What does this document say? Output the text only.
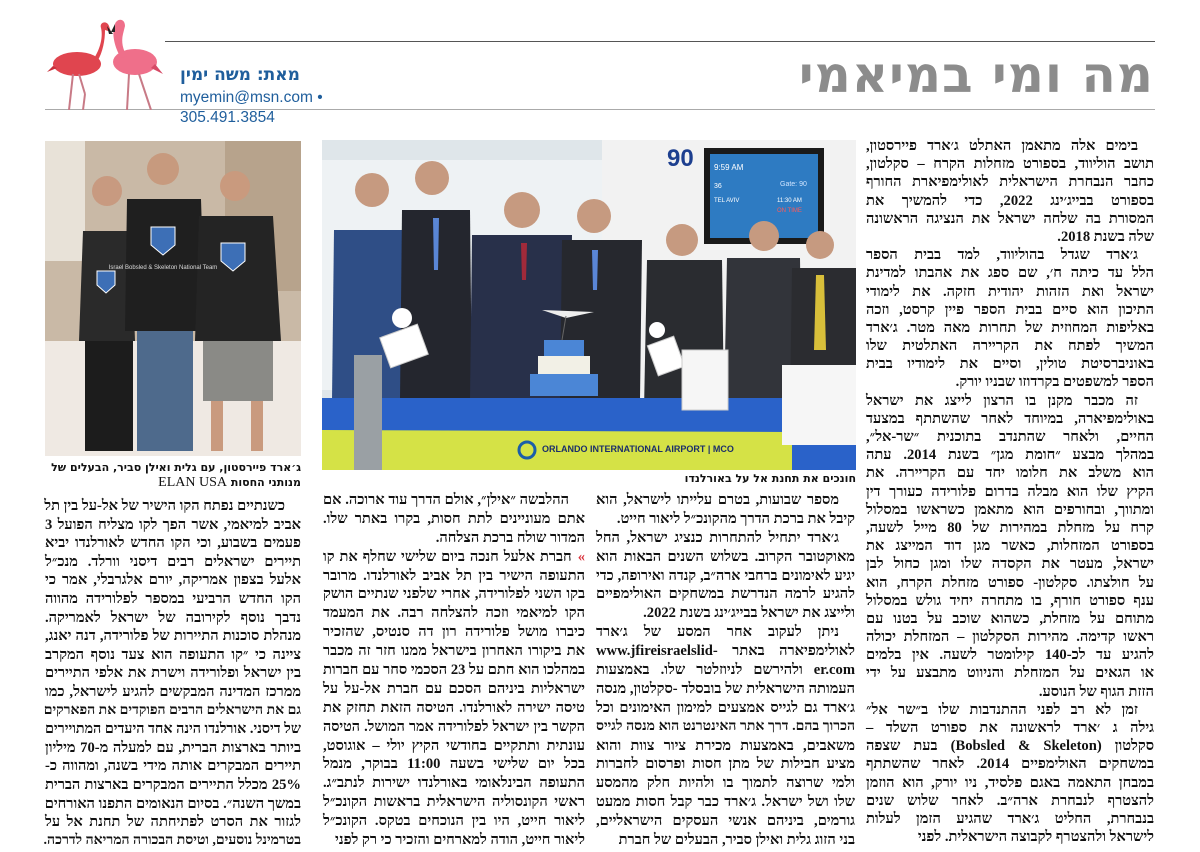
מה ומי במיאמי
מאת: משה ימין
myemin@msn.com • 305.491.3854
Israel Bobsled & Skeleton National Team
ג׳ארד פיירסטון, עם גלית ואילן סביר, הבעלים של
מנותני החסות ELAN USA
90	9:59 AM
Gate: 90
36
TEL AVIV	11:30 AM
ON TIME
ORLANDO INTERNATIONAL AIRPORT | MCO
חונכים את תחנת אל על באורלנדו
בימים אלה מתאמן האתלט ג׳ארד פיירסטון,
תושב הוליווד, בספורט מזחלות הקרח – סקלטון,
כחבר הנבחרת הישראלית לאולימפיארת החורף
בספורט בבייג׳ינג 2022, כדי להמשיך את
המסורת בה שלחה ישראל את הנציגה הראשונה
שלה בשנת 2018.
ג׳ארד שגדל בהוליווד, למד בבית הספר
הלל עד כיתה ח׳, שם ספג את אהבתו למדינת
ישראל ואת הזהות יהודית חזקה. את לימודי
התיכון הוא סיים בבית הספר פיין קרסט, וזכה
באליפות המחוזית של תחרות מאה מטר. ג׳ארד
המשיך לפתח את הקריירה האתלטית שלו
באוניברסיטת טולין, וסיים את לימודיו בבית
הספר למשפטים בקרדוזו שבניו יורק.
זה מכבר מקנן בו הרצון לייצג את ישראל
באולימפיארה, במיוחד לאחר שהשתתף במצעד
החיים, ולאחר שהתנדב בתוכנית ״שר-אל״,
במהלך מבצע ״חומת מגן״ בשנת 2014. עתה
הוא משלב את חלומו יחד עם הקריירה. את
הקיץ שלו הוא מבלה בדרום פלורידה כעורך דין
ומתווך, ובחורפים הוא מתאמן כשראשו במסלול
קרח על מזחלת במהירות של 80 מייל לשעה,
בספורט המזחלות, כאשר מגן דוד המייצג את
ישראל, מעטר את הקסדה שלו ומגן כחול לבן
על חולצתו. סקלטון- ספורט מזחלת הקרח, הוא
ענף ספורט חורף, בו מתחרה יחיד גולש במסלול
מתוחם על מזחלת, כשהוא שוכב על בטנו עם
ראשו קדימה. מהירות הסקלטון – המזחלת יכולה
להגיע עד לכ-140 קילומטר לשעה. אין בלמים
או הגאים על המזחלת והניווט מתבצע על ידי
הזזת הגוף של הנוסע.
זמן לא רב לפני ההתנדבות שלו ב״שר אל״
גילה ג ׳ארד לראשונה את ספורט השלד –
סקלטון (Bobsled & Skeleton) בעת שצפה
במשחקים האולימפיים 2014. לאחר שהשתתף
במבחן התאמה באגם פלסיד, ניו יורק, הוא הוזמן
להצטרף לנבחרת ארה״ב. לאחר שלוש שנים
בנבחרת, החליט ג׳ארד שהגיע הזמן לעלות
לישראל ולהצטרף לקבוצה הישראלית. לפני
מספר שבועות, בטרם עלייתו לישראל, הוא
קיבל את ברכת הדרך מהקונכ״ל ליאור חייט.
ג׳ארד יתחיל להתחרות כנציג ישראל, החל
מאוקטובר הקרוב. בשלוש השנים הבאות הוא
יגיע לאימונים ברחבי ארה״ב, קנדה ואירופה, כדי
להגיע לרמה הנדרשת במשחקים האולימפיים
ולייצג את ישראל בבייג׳ינג בשנת 2022.
ניתן לעקוב אחר המסע של ג׳ארד
לאולימפיארה באתר -www.jfireisraelslid
er.com ולהירשם לניוזלטר שלו. באמצעות
העמותה הישראלית של בובסלד -סקלטון, מנסה
ג׳ארד גם לגייס אמצעים למימון האימונים וכל
הכרוך בהם. דרך אתר האינטרנט הוא מנסה לגייס
משאבים, באמצעות מכירת ציור צוות והוא
מציע חבילות של מתן חסות ופרסום לחברות
ולמי שרוצה לתמוך בו ולהיות חלק מהמסע
שלו ושל ישראל. ג׳ארד כבר קבל חסות ממעט
גורמים, ביניהם אנשי העסקים הישראליים,
בני הזוג גלית ואילן סביר, הבעלים של חברת
ההלבשה ״אילן״, אולם הדרך עוד ארוכה. אם
אתם מעוניינים לתת חסות, בקרו באתר שלו.
המדור שולח ברכת הצלחה.
»חברת אלעל חנכה ביום שלישי שחלף את קו
התעופה הישיר בין תל אביב לאורלנדו. מרובר
בקו השני לפלורידה, אחרי שלפני שנתיים הושק
הקו למיאמי וזכה להצלחה רבה. את המעמד
כיברו מושל פלורידה רון דה סנטיס, שהזכיר
את ביקורו האחרון בישראל ממנו חזר זה מכבר
במהלכו הוא חתם על 23 הסכמי סחר עם חברות
ישראליות ביניהם הסכם עם חברת אל-על על
טיסה ישירה לאורלנדו. הטיסה הזאת תחזק את
הקשר בין ישראל לפלורידה אמר המושל. הטיסה
עונתית ותתקיים בחודשי הקיץ יולי – אוגוסט,
בכל יום שלישי בשעה 11:00 בבוקר, מנמל
התעופה הבינלאומי באורלנדו ישירות לנתב״ג.
ראשי הקונסוליה הישראלית בראשות הקונכ״ל
ליאור חייט, היו בין הנוכחים בטקס. הקונכ״ל
ליאור חייט, הודה למארחים והזכיר כי רק לפני
כשנתיים נפתח הקו הישיר של אל-על בין תל
אביב למיאמי, אשר הפך לקו מצליח הפועל 3
פעמים בשבוע, וכי הקו החדש לאורלנדו יביא
תיירים ישראלים רבים דיסני וורלד. מנכ״ל
אלעל בצפון אמריקה, יורם אלגרבלי, אמר כי
הקו החדש הרביעי במספר לפלורידה מהווה
נדבך נוסף לקירובה של ישראל לאמריקה.
מנהלת סוכנות התיירות של פלורידה, דנה יאנג,
ציינה כי ״קו התעופה הוא צעד נוסף המקרב
בין ישראל ופלורידה וישרת את אלפי התיירים
ממרכז המדינה המבקשים להגיע לישראל, כמו
גם את הישראלים הרבים הפוקדים את הפארקים
של דיסני. אורלנדו הינה אחד היעדים המתויירים
ביותר בארצות הברית, עם למעלה מ-70 מיליון
תיירים המבקרים אותה מידי בשנה, ומהווה כ-
25% מכלל התיירים המבקרים בארצות הברית
במשך השנה״. בסיום הנאומים התפנו האורחים
לגזור את הסרט לפתיחתה של תחנת אל על
בטרמינל נוסעים, וטיסת הבכורה המריאה לדרכה.
